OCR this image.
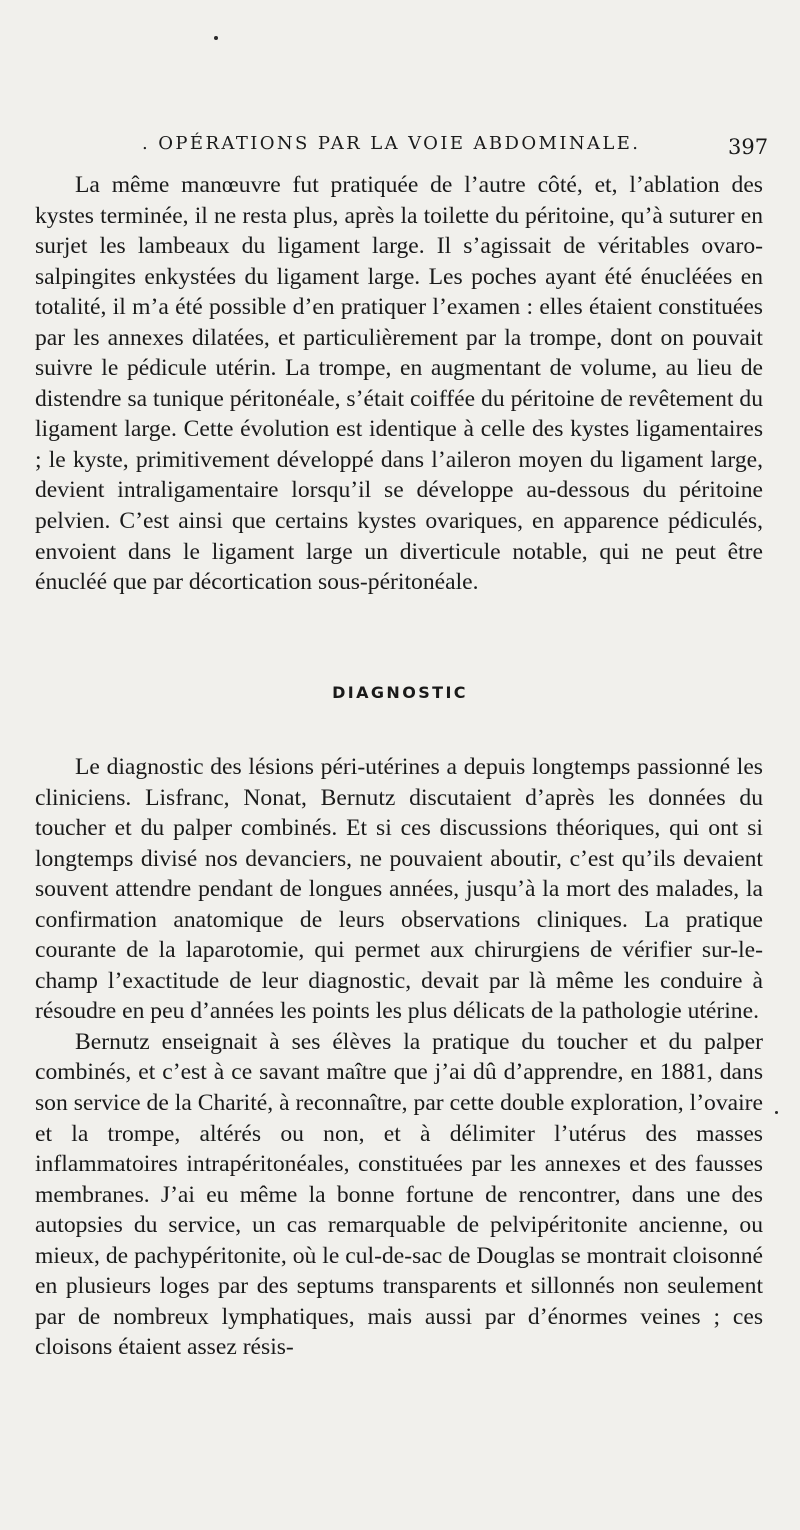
. OPÉRATIONS PAR LA VOIE ABDOMINALE.	397

La même manœuvre fut pratiquée de l’autre côté, et, l’ablation des kystes terminée, il ne resta plus, après la toilette du péritoine, qu’à suturer en surjet les lambeaux du ligament large. Il s’agissait de véritables ovaro-salpingites enkystées du ligament large. Les poches ayant été énucléées en totalité, il m’a été possible d’en pratiquer l’examen : elles étaient constituées par les annexes dilatées, et particulièrement par la trompe, dont on pouvait suivre le pédicule utérin. La trompe, en augmentant de volume, au lieu de distendre sa tunique péritonéale, s’était coiffée du péritoine de revêtement du ligament large. Cette évolution est identique à celle des kystes ligamentaires ; le kyste, primitivement développé dans l’aileron moyen du ligament large, devient intraligamentaire lorsqu’il se développe au-dessous du péritoine pelvien. C’est ainsi que certains kystes ovariques, en apparence pédiculés, envoient dans le ligament large un diverticule notable, qui ne peut être énucléé que par décortication sous-péritonéale.

DIAGNOSTIC

Le diagnostic des lésions péri-utérines a depuis longtemps passionné les cliniciens. Lisfranc, Nonat, Bernutz discutaient d’après les données du toucher et du palper combinés. Et si ces discussions théoriques, qui ont si longtemps divisé nos devanciers, ne pouvaient aboutir, c’est qu’ils devaient souvent attendre pendant de longues années, jusqu’à la mort des malades, la confirmation anatomique de leurs observations cliniques. La pratique courante de la laparotomie, qui permet aux chirurgiens de vérifier sur-le-champ l’exactitude de leur diagnostic, devait par là même les conduire à résoudre en peu d’années les points les plus délicats de la pathologie utérine.

Bernutz enseignait à ses élèves la pratique du toucher et du palper combinés, et c’est à ce savant maître que j’ai dû d’apprendre, en 1881, dans son service de la Charité, à reconnaître, par cette double exploration, l’ovaire et la trompe, altérés ou non, et à délimiter l’utérus des masses inflammatoires intrapéritonéales, constituées par les annexes et des fausses membranes. J’ai eu même la bonne fortune de rencontrer, dans une des autopsies du service, un cas remarquable de pelvipéritonite ancienne, ou mieux, de pachypéritonite, où le cul-de-sac de Douglas se montrait cloisonné en plusieurs loges par des septums transparents et sillonnés non seulement par de nombreux lymphatiques, mais aussi par d’énormes veines ; ces cloisons étaient assez résis-
